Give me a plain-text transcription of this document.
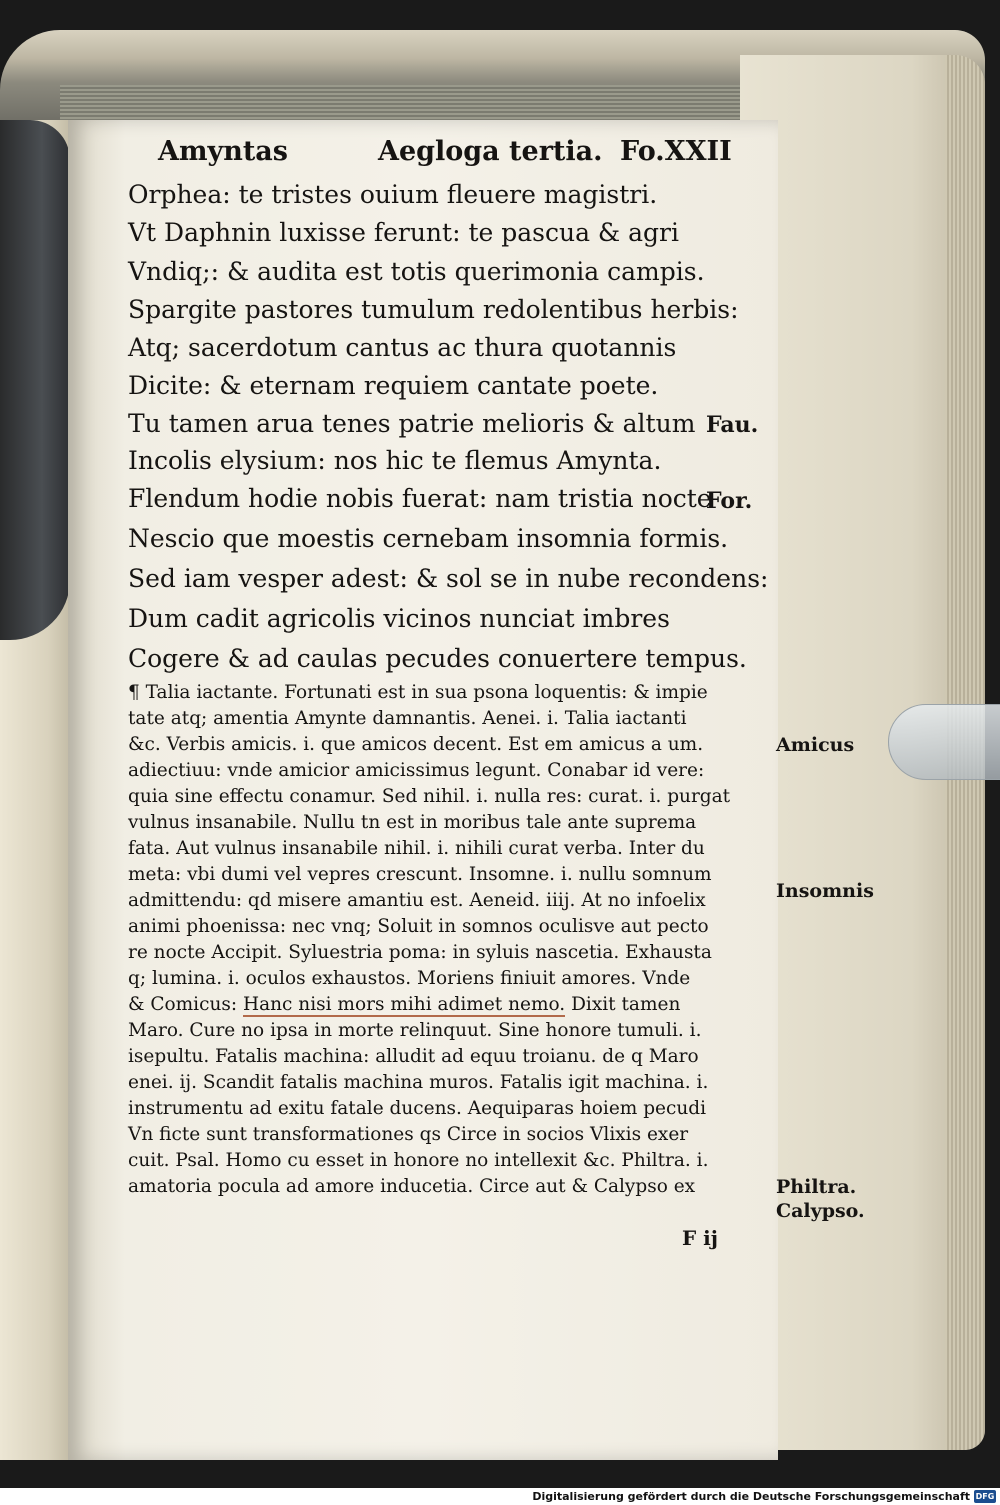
Amyntas	Aegloga tertia. Fo.XXII
Orphea: te tristes ouium fleuere magistri.
Vt Daphnin luxisse ferunt: te pascua & agri
Vndiq;: & audita est totis querimonia campis.
Spargite pastores tumulum redolentibus herbis:
Atq; sacerdotum cantus ac thura quotannis
Dicite: & eternam requiem cantate poete.
Tu tamen arua tenes patrie melioris & altum
Incolis elysium: nos hic te flemus Amynta.
Flendum hodie nobis fuerat: nam tristia nocte
Nescio que moestis cernebam insomnia formis.
Sed iam vesper adest: & sol se in nube recondens:
Dum cadit agricolis vicinos nunciat imbres
Cogere & ad caulas pecudes conuertere tempus.
¶ Talia iactante. Fortunati est in sua psona loquentis: & impie
tate atq; amentia Amynte damnantis. Aenei. i. Talia iactanti
&c. Verbis amicis. i. que amicos decent. Est em amicus a um.
adiectiuu: vnde amicior amicissimus legunt. Conabar id vere:
quia sine effectu conamur. Sed nihil. i. nulla res: curat. i. purgat
vulnus insanabile. Nullu tn est in moribus tale ante suprema
fata. Aut vulnus insanabile nihil. i. nihili curat verba. Inter du
meta: vbi dumi vel vepres crescunt. Insomne. i. nullu somnum
admittendu: qd misere amantiu est. Aeneid. iiij. At no infoelix
animi phoenissa: nec vnq; Soluit in somnos oculisve aut pecto
re nocte Accipit. Syluestria poma: in syluis nascetia. Exhausta
q; lumina. i. oculos exhaustos. Moriens finiuit amores. Vnde
& Comicus: Hanc nisi mors mihi adimet nemo. Dixit tamen
Maro. Cure no ipsa in morte relinquut. Sine honore tumuli. i.
isepultu. Fatalis machina: alludit ad equu troianu. de q Maro
enei. ij. Scandit fatalis machina muros. Fatalis igit machina. i.
instrumentu ad exitu fatale ducens. Aequiparas hoiem pecudi
Vn ficte sunt transformationes qs Circe in socios Vlixis exer
cuit. Psal. Homo cu esset in honore no intellexit &c. Philtra. i.
amatoria pocula ad amore inducetia. Circe aut & Calypso ex
Fau.
For.
Amicus
Insomnis
Philtra.
Calypso.
F ij
Digitalisierung gefördert durch die Deutsche Forschungsgemeinschaft DFG
